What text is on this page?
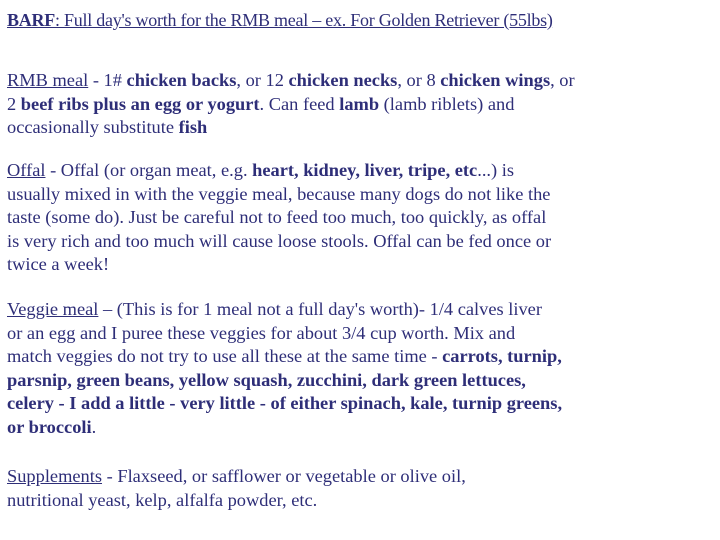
BARF: Full day's worth for the RMB meal – ex. For Golden Retriever (55lbs)

RMB meal - 1# chicken backs, or 12 chicken necks, or 8 chicken wings, or
2 beef ribs plus an egg or yogurt. Can feed lamb (lamb riblets) and
occasionally substitute fish
Offal - Offal (or organ meat, e.g. heart, kidney, liver, tripe, etc...) is
usually mixed in with the veggie meal, because many dogs do not like the
taste (some do). Just be careful not to feed too much, too quickly, as offal
is very rich and too much will cause loose stools. Offal can be fed once or
twice a week!
Veggie meal – (This is for 1 meal not a full day's worth)- 1/4 calves liver
or an egg and I puree these veggies for about 3/4 cup worth. Mix and
match veggies do not try to use all these at the same time - carrots, turnip,
parsnip, green beans, yellow squash, zucchini, dark green lettuces,
celery - I add a little - very little - of either spinach, kale, turnip greens,
or broccoli.
Supplements - Flaxseed, or safflower or vegetable or olive oil,
nutritional yeast, kelp, alfalfa powder, etc.
